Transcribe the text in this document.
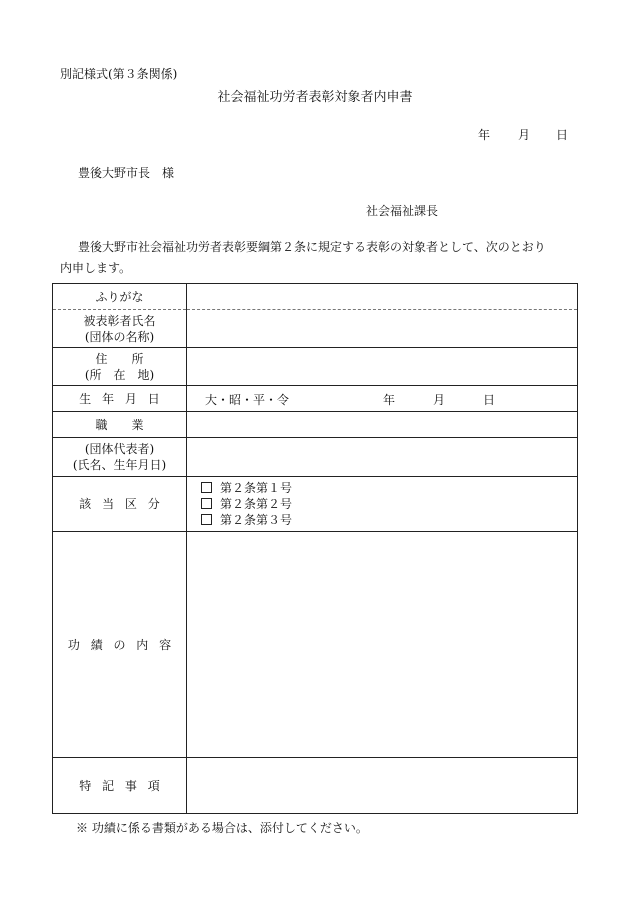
別記様式(第３条関係)
社会福祉功労者表彰対象者内申書
年 月 日
豊後大野市長　様
社会福祉課長
豊後大野市社会福祉功労者表彰要綱第２条に規定する表彰の対象者として、次のとおり
内申します。
ふりがな	

被表彰者氏名
(団体の名称)	

住　　所
(所　在　地)	

生年月日	大・昭・平・令 年 月 日

職　　業	

(団体代表者)
(氏名、生年月日)	

該当区分	第２条第１号
第２条第２号
第２条第３号

功績の内容	
特記事項	
※ 功績に係る書類がある場合は、添付してください。
